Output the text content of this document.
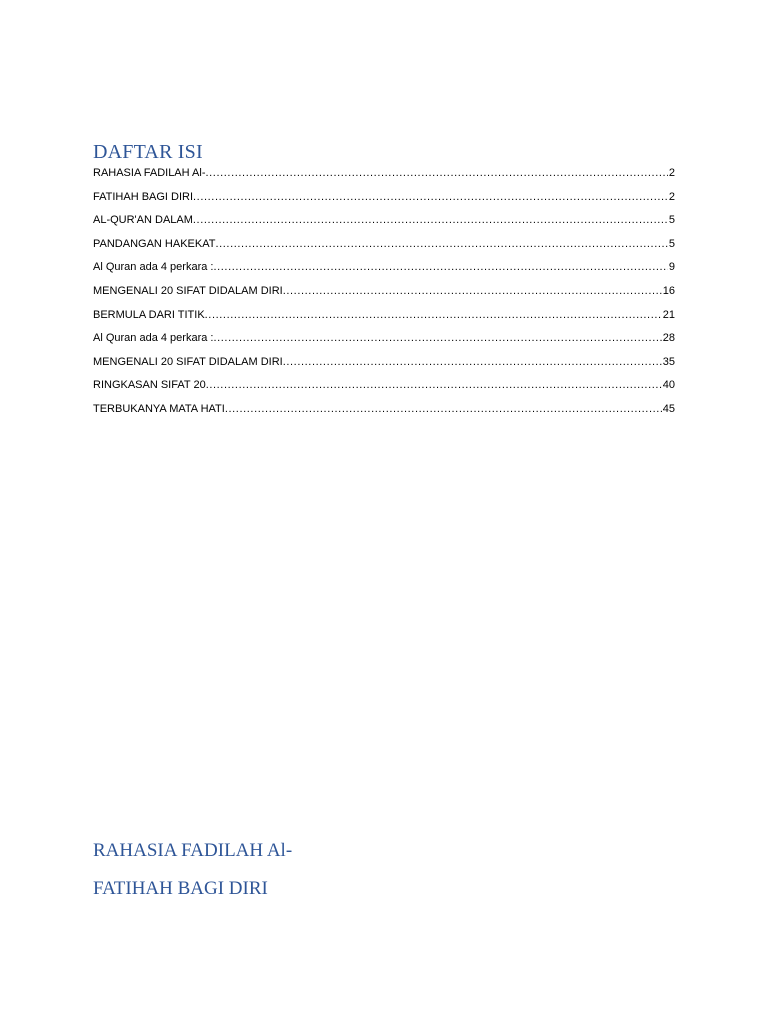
DAFTAR ISI
RAHASIA FADILAH Al- .....	2
FATIHAH BAGI DIRI .....	2
AL-QUR'AN DALAM .....	5
PANDANGAN HAKEKAT .....	5
Al Quran ada 4 perkara : .....	9
MENGENALI 20 SIFAT DIDALAM DIRI .....	16
BERMULA DARI TITIK .....	21
Al Quran ada 4 perkara : .....	28
MENGENALI 20 SIFAT DIDALAM DIRI .....	35
RINGKASAN SIFAT 20 .....	40
TERBUKANYA MATA HATI .....	45
RAHASIA FADILAH Al-
FATIHAH BAGI DIRI
